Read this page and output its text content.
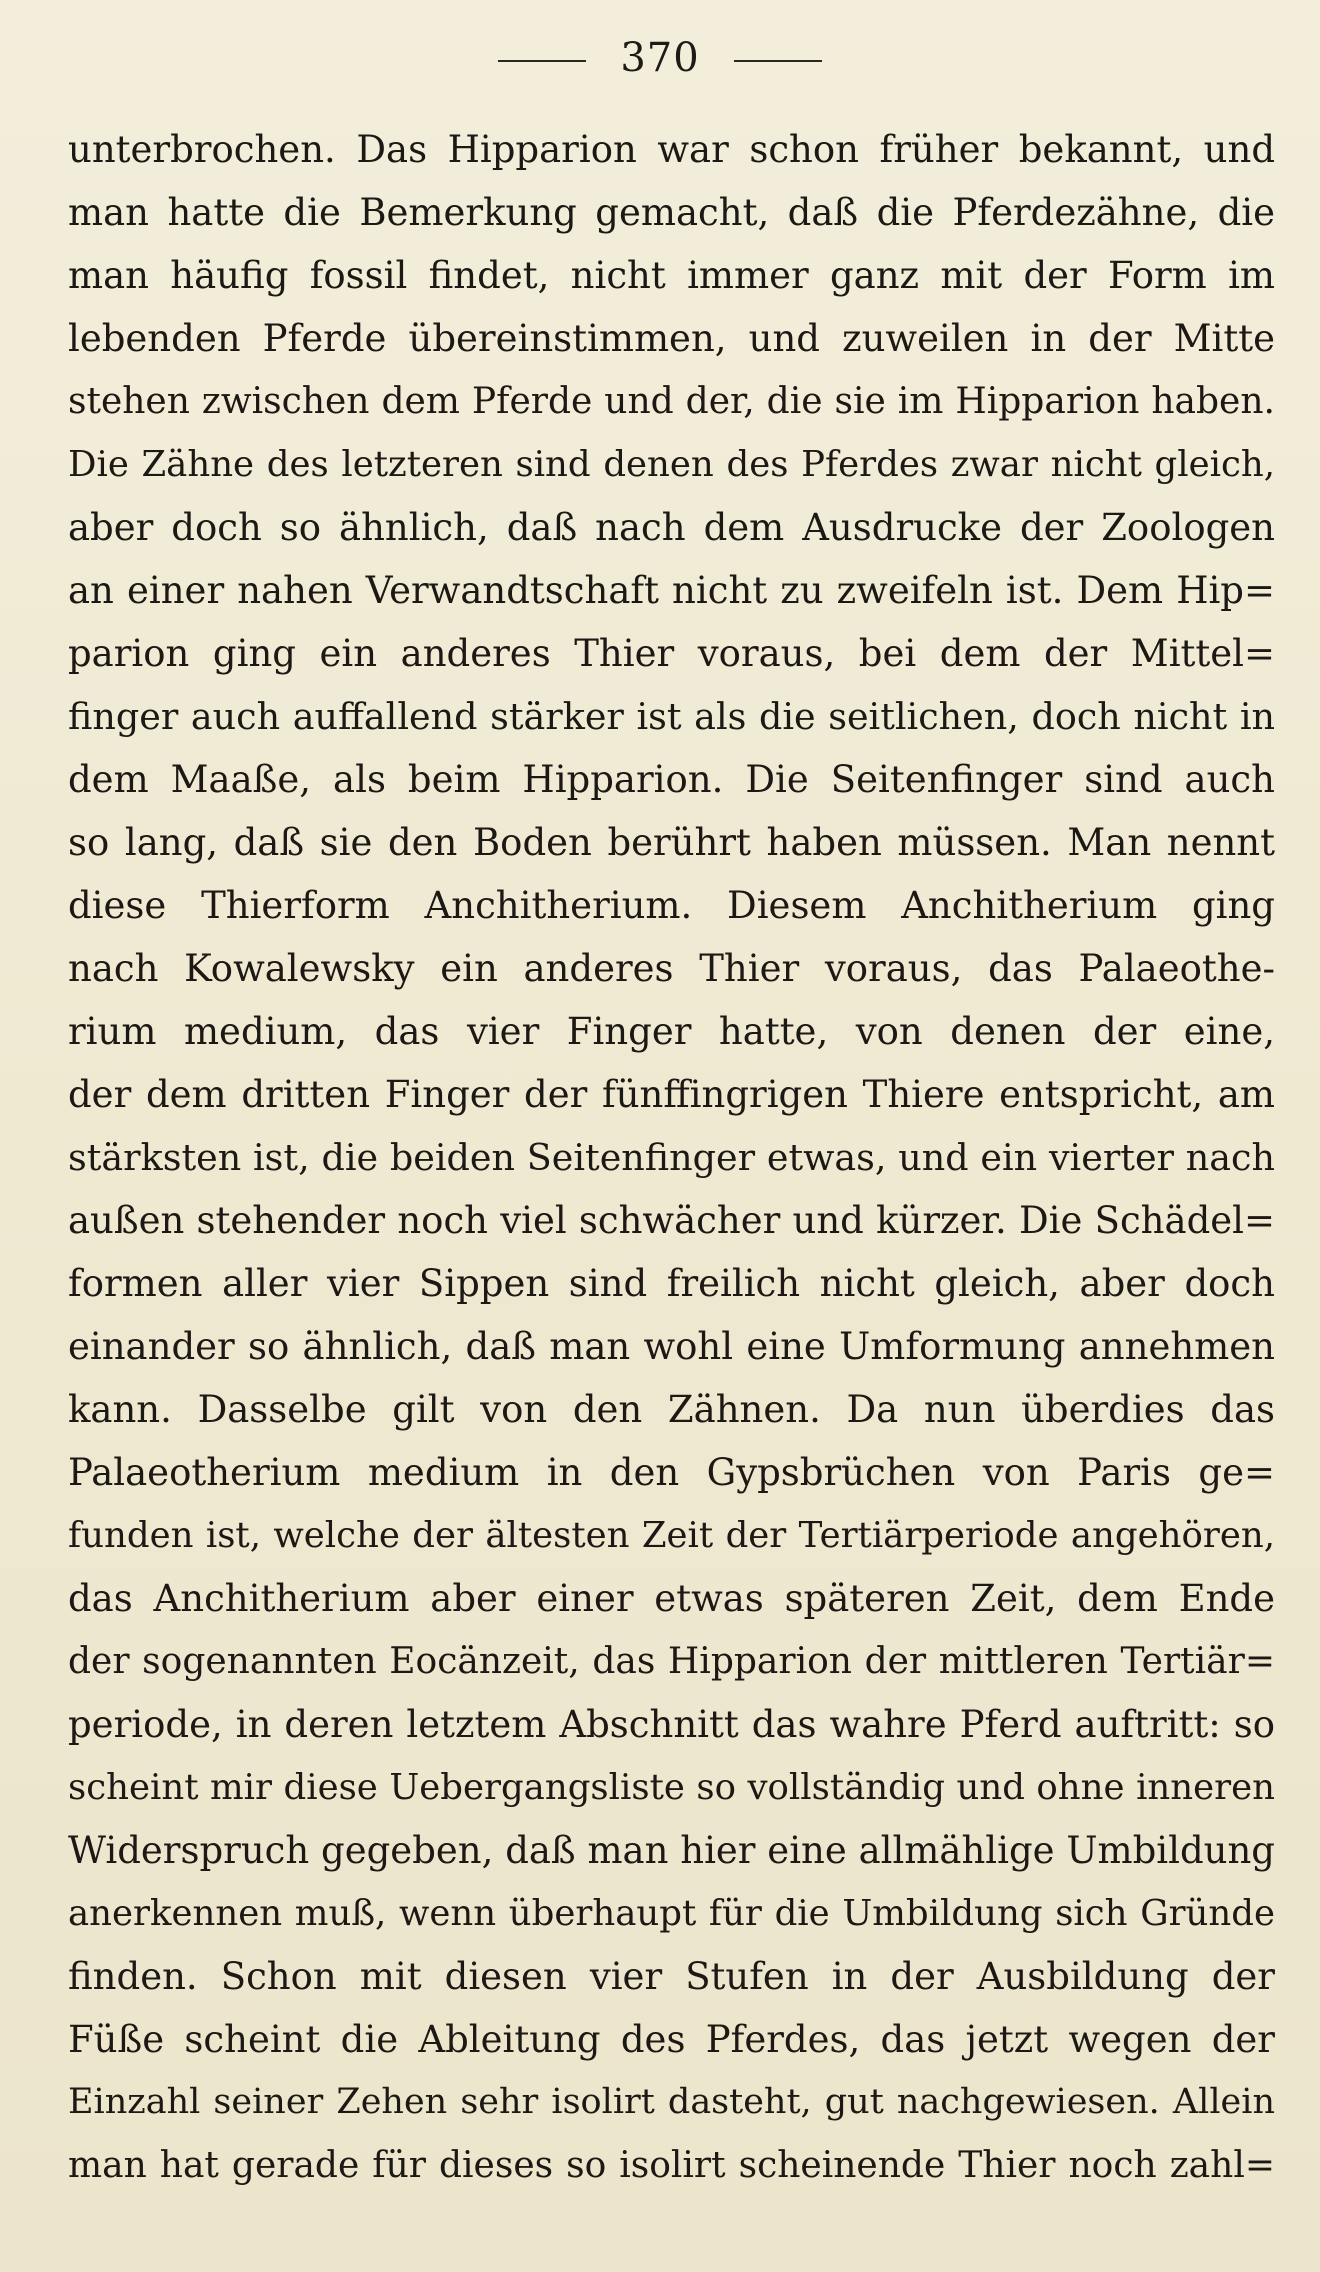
370
unterbrochen. Das Hipparion war schon früher bekannt, und
man hatte die Bemerkung gemacht, daß die Pferdezähne, die
man häufig fossil findet, nicht immer ganz mit der Form im
lebenden Pferde übereinstimmen, und zuweilen in der Mitte
stehen zwischen dem Pferde und der, die sie im Hipparion haben.
Die Zähne des letzteren sind denen des Pferdes zwar nicht gleich,
aber doch so ähnlich, daß nach dem Ausdrucke der Zoologen
an einer nahen Verwandtschaft nicht zu zweifeln ist. Dem Hip=
parion ging ein anderes Thier voraus, bei dem der Mittel=
finger auch auffallend stärker ist als die seitlichen, doch nicht in
dem Maaße, als beim Hipparion. Die Seitenfinger sind auch
so lang, daß sie den Boden berührt haben müssen. Man nennt
diese Thierform Anchitherium. Diesem Anchitherium ging
nach Kowalewsky ein anderes Thier voraus, das Palaeothe-
rium medium, das vier Finger hatte, von denen der eine,
der dem dritten Finger der fünffingrigen Thiere entspricht, am
stärksten ist, die beiden Seitenfinger etwas, und ein vierter nach
außen stehender noch viel schwächer und kürzer. Die Schädel=
formen aller vier Sippen sind freilich nicht gleich, aber doch
einander so ähnlich, daß man wohl eine Umformung annehmen
kann. Dasselbe gilt von den Zähnen. Da nun überdies das
Palaeotherium medium in den Gypsbrüchen von Paris ge=
funden ist, welche der ältesten Zeit der Tertiärperiode angehören,
das Anchitherium aber einer etwas späteren Zeit, dem Ende
der sogenannten Eocänzeit, das Hipparion der mittleren Tertiär=
periode, in deren letztem Abschnitt das wahre Pferd auftritt: so
scheint mir diese Uebergangsliste so vollständig und ohne inneren
Widerspruch gegeben, daß man hier eine allmählige Umbildung
anerkennen muß, wenn überhaupt für die Umbildung sich Gründe
finden. Schon mit diesen vier Stufen in der Ausbildung der
Füße scheint die Ableitung des Pferdes, das jetzt wegen der
Einzahl seiner Zehen sehr isolirt dasteht, gut nachgewiesen. Allein
man hat gerade für dieses so isolirt scheinende Thier noch zahl=
